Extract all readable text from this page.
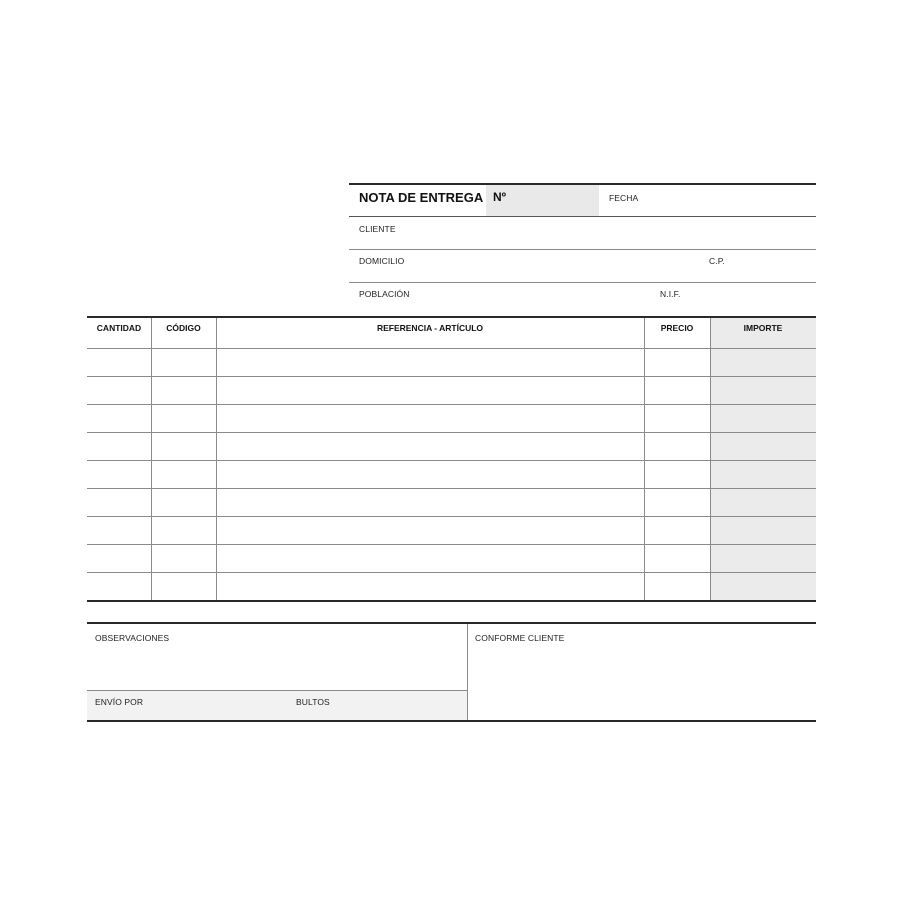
NOTA DE ENTREGA Nº	FECHA
CLIENTE
DOMICILIO	C.P.
POBLACIÓN	N.I.F.
CANTIDAD	CÓDIGO	REFERENCIA - ARTÍCULO	PRECIO	IMPORTE
OBSERVACIONES	CONFORME CLIENTE
ENVÍO POR	BULTOS
